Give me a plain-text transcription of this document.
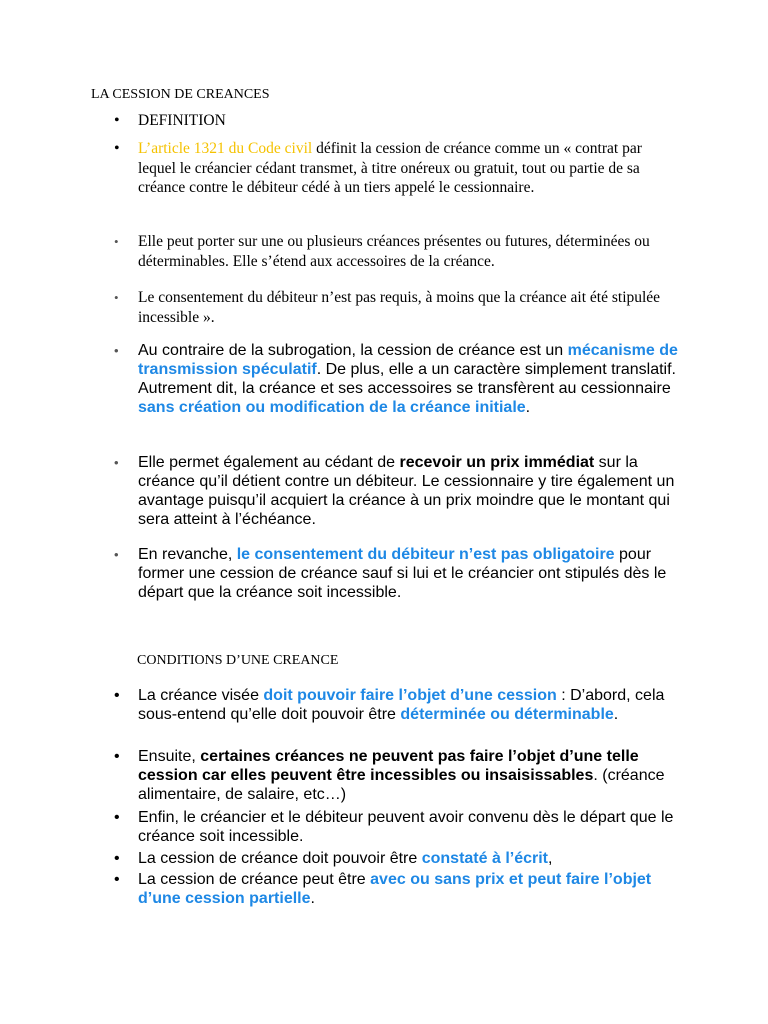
LA CESSION DE CREANCES
• DEFINITION
• L’article 1321 du Code civil définit la cession de créance comme un « contrat par lequel le créancier cédant transmet, à titre onéreux ou gratuit, tout ou partie de sa créance contre le débiteur cédé à un tiers appelé le cessionnaire.
• Elle peut porter sur une ou plusieurs créances présentes ou futures, déterminées ou déterminables. Elle s’étend aux accessoires de la créance.
• Le consentement du débiteur n’est pas requis, à moins que la créance ait été stipulée incessible ».
• Au contraire de la subrogation, la cession de créance est un mécanisme de transmission spéculatif. De plus, elle a un caractère simplement translatif. Autrement dit, la créance et ses accessoires se transfèrent au cessionnaire sans création ou modification de la créance initiale.
• Elle permet également au cédant de recevoir un prix immédiat sur la créance qu’il détient contre un débiteur. Le cessionnaire y tire également un avantage puisqu’il acquiert la créance à un prix moindre que le montant qui sera atteint à l’échéance.
• En revanche, le consentement du débiteur n’est pas obligatoire pour former une cession de créance sauf si lui et le créancier ont stipulés dès le départ que la créance soit incessible.
CONDITIONS D’UNE CREANCE
• La créance visée doit pouvoir faire l’objet d’une cession : D’abord, cela sous-entend qu’elle doit pouvoir être déterminée ou déterminable.
• Ensuite, certaines créances ne peuvent pas faire l’objet d’une telle cession car elles peuvent être incessibles ou insaisissables. (créance alimentaire, de salaire, etc…)
• Enfin, le créancier et le débiteur peuvent avoir convenu dès le départ que le créance soit incessible.
• La cession de créance doit pouvoir être constaté à l’écrit,
• La cession de créance peut être avec ou sans prix et peut faire l’objet d’une cession partielle.
